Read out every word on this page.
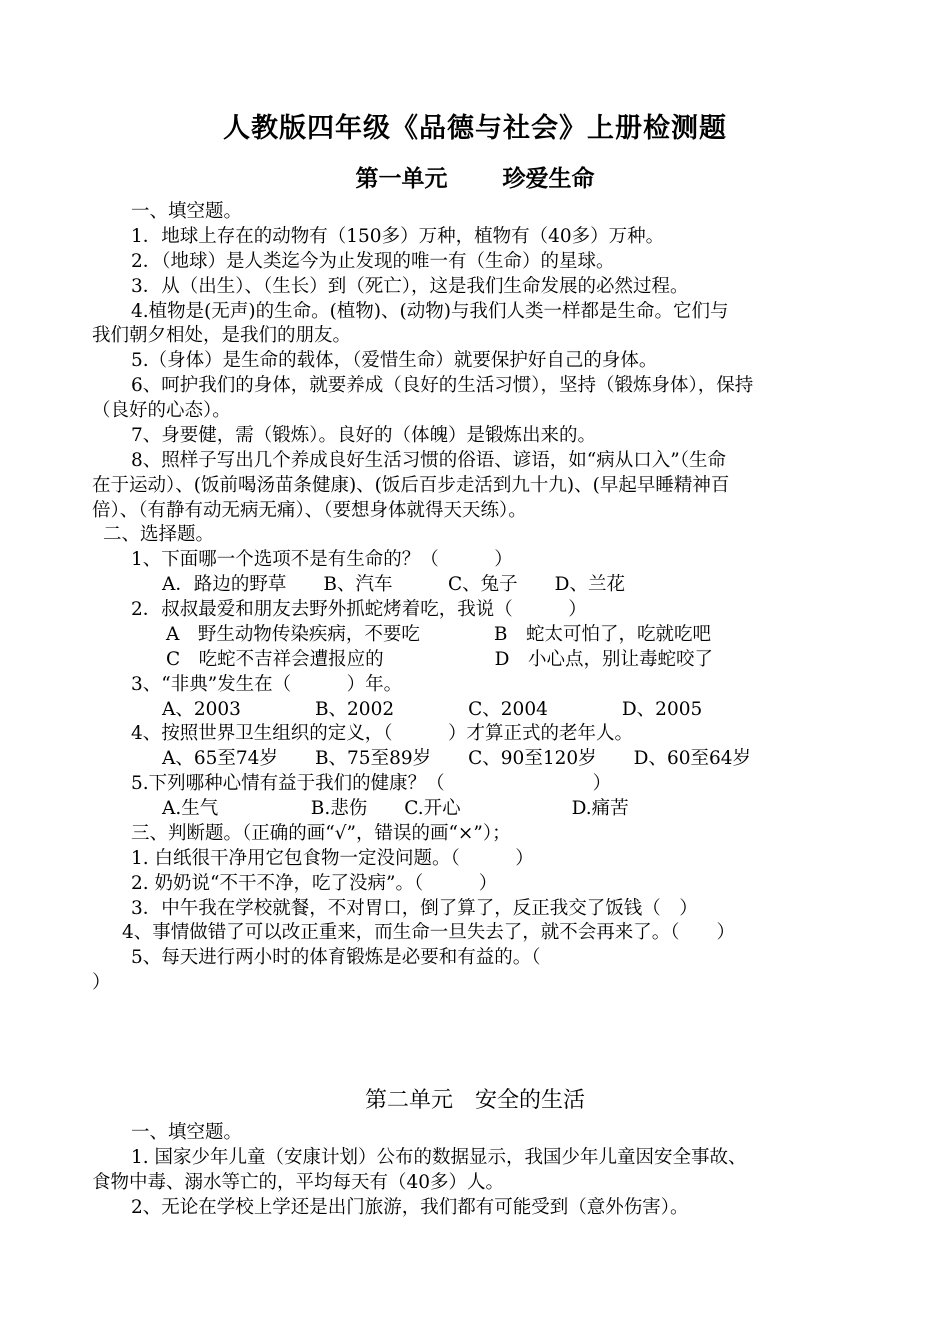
人教版四年级《品德与社会》上册检测题
第一单元 珍爱生命
一、填空题。
1．地球上存在的动物有（150多）万种，植物有（40多）万种。
2．（地球）是人类迄今为止发现的唯一有（生命）的星球。
3．从（出生）、（生长）到（死亡），这是我们生命发展的必然过程。
4.植物是(无声)的生命。(植物)、(动物)与我们人类一样都是生命。它们与
我们朝夕相处，是我们的朋友。
5.（身体）是生命的载体，（爱惜生命）就要保护好自己的身体。
6、呵护我们的身体，就要养成（良好的生活习惯），坚持（锻炼身体），保持
（良好的心态）。
7、身要健，需（锻炼）。良好的（体魄）是锻炼出来的。
8、照样子写出几个养成良好生活习惯的俗语、谚语，如“病从口入”（生命
在于运动）、(饭前喝汤苗条健康)、(饭后百步走活到九十九)、(早起早睡精神百
倍）、（有静有动无病无痛）、（要想身体就得天天练）。
二、选择题。
1、下面哪一个选项不是有生命的？（　　　）
A．路边的野草　　B、汽车　　　C、兔子　　D、兰花
2．叔叔最爱和朋友去野外抓蛇烤着吃，我说（　　　）
A　野生动物传染疾病，不要吃　　　　B　蛇太可怕了，吃就吃吧
C　吃蛇不吉祥会遭报应的　　　　　　D　小心点，别让毒蛇咬了
3、“非典”发生在（　　　）年。
A、2003　　　　B、2002　　　　C、2004　　　　D、2005
4、按照世界卫生组织的定义，（　　　）才算正式的老年人。
A、65至74岁　　B、75至89岁　　C、90至120岁　　D、60至64岁
5.下列哪种心情有益于我们的健康？（　　　　　　　　）
A.生气　　　　　B.悲伤　　C.开心　　　　　　D.痛苦
三、判断题。（正确的画“√”，错误的画“×”）；
1. 白纸很干净用它包食物一定没问题。（　　　）
2. 奶奶说“不干不净，吃了没病”。（　　　）
3．中午我在学校就餐，不对胃口，倒了算了，反正我交了饭钱（　）
4、事情做错了可以改正重来，而生命一旦失去了，就不会再来了。（　　）
5、每天进行两小时的体育锻炼是必要和有益的。（
）
第二单元 安全的生活
一、填空题。
1. 国家少年儿童（安康计划）公布的数据显示，我国少年儿童因安全事故、
食物中毒、溺水等亡的，平均每天有（40多）人。
2、无论在学校上学还是出门旅游，我们都有可能受到（意外伤害）。
